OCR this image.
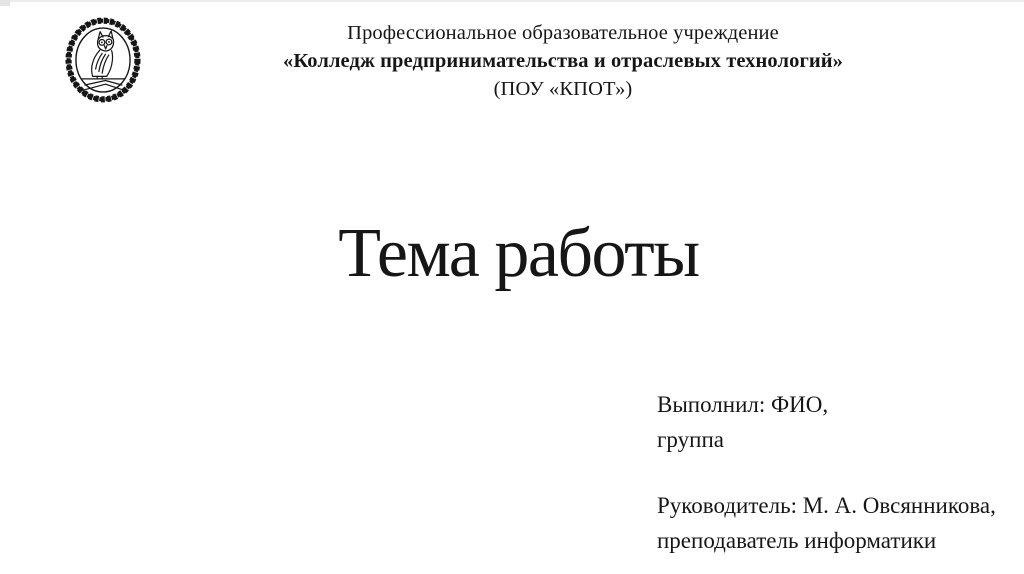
Профессиональное образовательное учреждение
«Колледж предпринимательства и отраслевых технологий»
(ПОУ «КПОТ»)
Тема работы

Выполнил: ФИО,
группа

Руководитель: М. А. Овсянникова,
преподаватель информатики
